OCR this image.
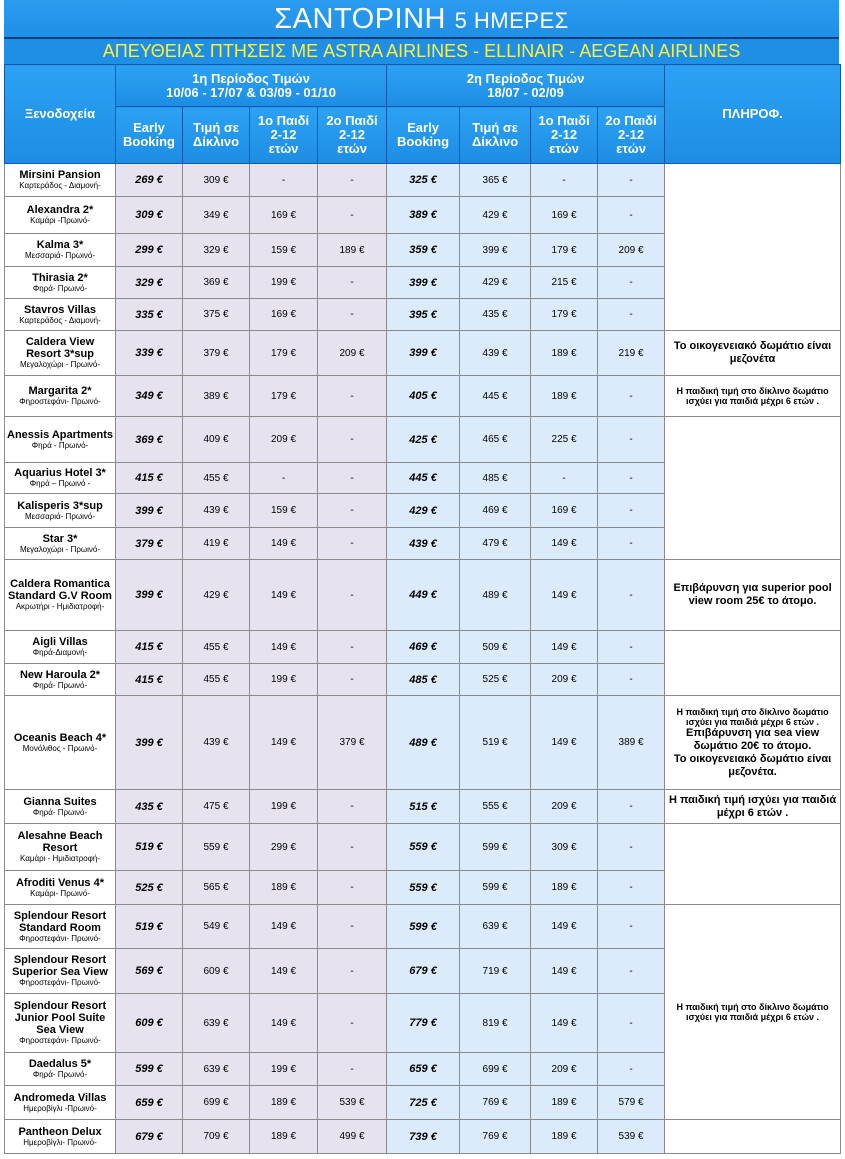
ΣΑΝΤΟΡΙΝΗ 5 ΗΜΕΡΕΣ
ΑΠΕΥΘΕΙΑΣ ΠΤΗΣΕΙΣ ΜΕ ASTRA AIRLINES - ELLINAIR - AEGEAN AIRLINES
Ξενοδοχεία	1η Περίοδος Τιμών
10/06 - 17/07 & 03/09 - 01/10				2η Περίοδος Τιμών
18/07 - 02/09				ΠΛΗΡΟΦ.
	Early
Booking	Τιμή σε
Δίκλινο	1ο Παιδί
2-12
ετών	2ο Παιδί
2-12
ετών	Early
Booking	Τιμή σε
Δίκλινο	1ο Παιδί
2-12
ετών	2ο Παιδί
2-12
ετών	

Mirsini Pansion
Καρτεράδος - Διαμονή-	269 €	309 €	-	-	325 €	365 €	-	-	

Alexandra 2*
Καμάρι -Πρωινό-	309 €	349 €	169 €	-	389 €	429 €	169 €	-	

Kalma 3*
Μεσσαριά- Πρωινό-	299 €	329 €	159 €	189 €	359 €	399 €	179 €	209 €	

Thirasia 2*
Φηρά- Πρωινό-	329 €	369 €	199 €	-	399 €	429 €	215 €	-	

Stavros Villas
Καρτεράδος - Διαμονή-	335 €	375 €	169 €	-	395 €	435 €	179 €	-	

Caldera View Resort 3*sup
Μεγαλοχώρι - Πρωινό-	339 €	379 €	179 €	209 €	399 €	439 €	189 €	219 €	Το οικογενειακό δωμάτιο είναι μεζονέτα

Margarita 2*
Φηροστεφάνι- Πρωινό-	349 €	389 €	179 €	-	405 €	445 €	189 €	-	Η παιδική τιμή στο δίκλινο δωμάτιο ισχύει για παιδιά μέχρι 6 ετών .

Anessis Apartments
Φηρά - Πρωινό-	369 €	409 €	209 €	-	425 €	465 €	225 €	-	

Aquarius Hotel 3*
Φηρά – Πρωινό -	415 €	455 €	-	-	445 €	485 €	-	-	

Kalisperis 3*sup
Μεσσαριά- Πρωινό-	399 €	439 €	159 €	-	429 €	469 €	169 €	-	

Star 3*
Μεγαλοχώρι - Πρωινό-	379 €	419 €	149 €	-	439 €	479 €	149 €	-	

Caldera Romantica Standard G.V Room
Ακρωτήρι - Ημιδιατροφή-	399 €	429 €	149 €	-	449 €	489 €	149 €	-	Επιβάρυνση για superior pool view room 25€ το άτομο.

Aigli Villas
Φηρά-Διαμονή-	415 €	455 €	149 €	-	469 €	509 €	149 €	-	

New Haroula 2*
Φηρά- Πρωινό-	415 €	455 €	199 €	-	485 €	525 €	209 €	-	

Oceanis Beach 4*
Μονόλιθος - Πρωινό-	399 €	439 €	149 €	379 €	489 €	519 €	149 €	389 €	Η παιδική τιμή στο δίκλινο δωμάτιο ισχύει για παιδιά μέχρι 6 ετών .
Επιβάρυνση για sea view δωμάτιο 20€ το άτομο.
Το οικογενειακό δωμάτιο είναι μεζονέτα.

Gianna Suites
Φηρά- Πρωινό-	435 €	475 €	199 €	-	515 €	555 €	209 €	-	Η παιδική τιμή ισχύει για παιδιά μέχρι 6 ετών .

Alesahne Beach Resort
Καμάρι - Ημιδιατροφή-	519 €	559 €	299 €	-	559 €	599 €	309 €	-	

Afroditi Venus 4*
Καμάρι- Πρωινό-	525 €	565 €	189 €	-	559 €	599 €	189 €	-	

Splendour Resort Standard Room
Φηροστεφάνι- Πρωινό-	519 €	549 €	149 €	-	599 €	639 €	149 €	-	Η παιδική τιμή στο δίκλινο δωμάτιο ισχύει για παιδιά μέχρι 6 ετών .

Splendour Resort Superior Sea View
Φηροστεφάνι- Πρωινό-	569 €	609 €	149 €	-	679 €	719 €	149 €	-	

Splendour Resort Junior Pool Suite Sea View
Φηροστεφάνι- Πρωινό-	609 €	639 €	149 €	-	779 €	819 €	149 €	-	

Daedalus 5*
Φηρά- Πρωινό-	599 €	639 €	199 €	-	659 €	699 €	209 €	-	

Andromeda Villas
Ημεροβίγλι -Πρωινό-	659 €	699 €	189 €	539 €	725 €	769 €	189 €	579 €	

Pantheon Delux
Ημεροβίγλι- Πρωινό-	679 €	709 €	189 €	499 €	739 €	769 €	189 €	539 €	
